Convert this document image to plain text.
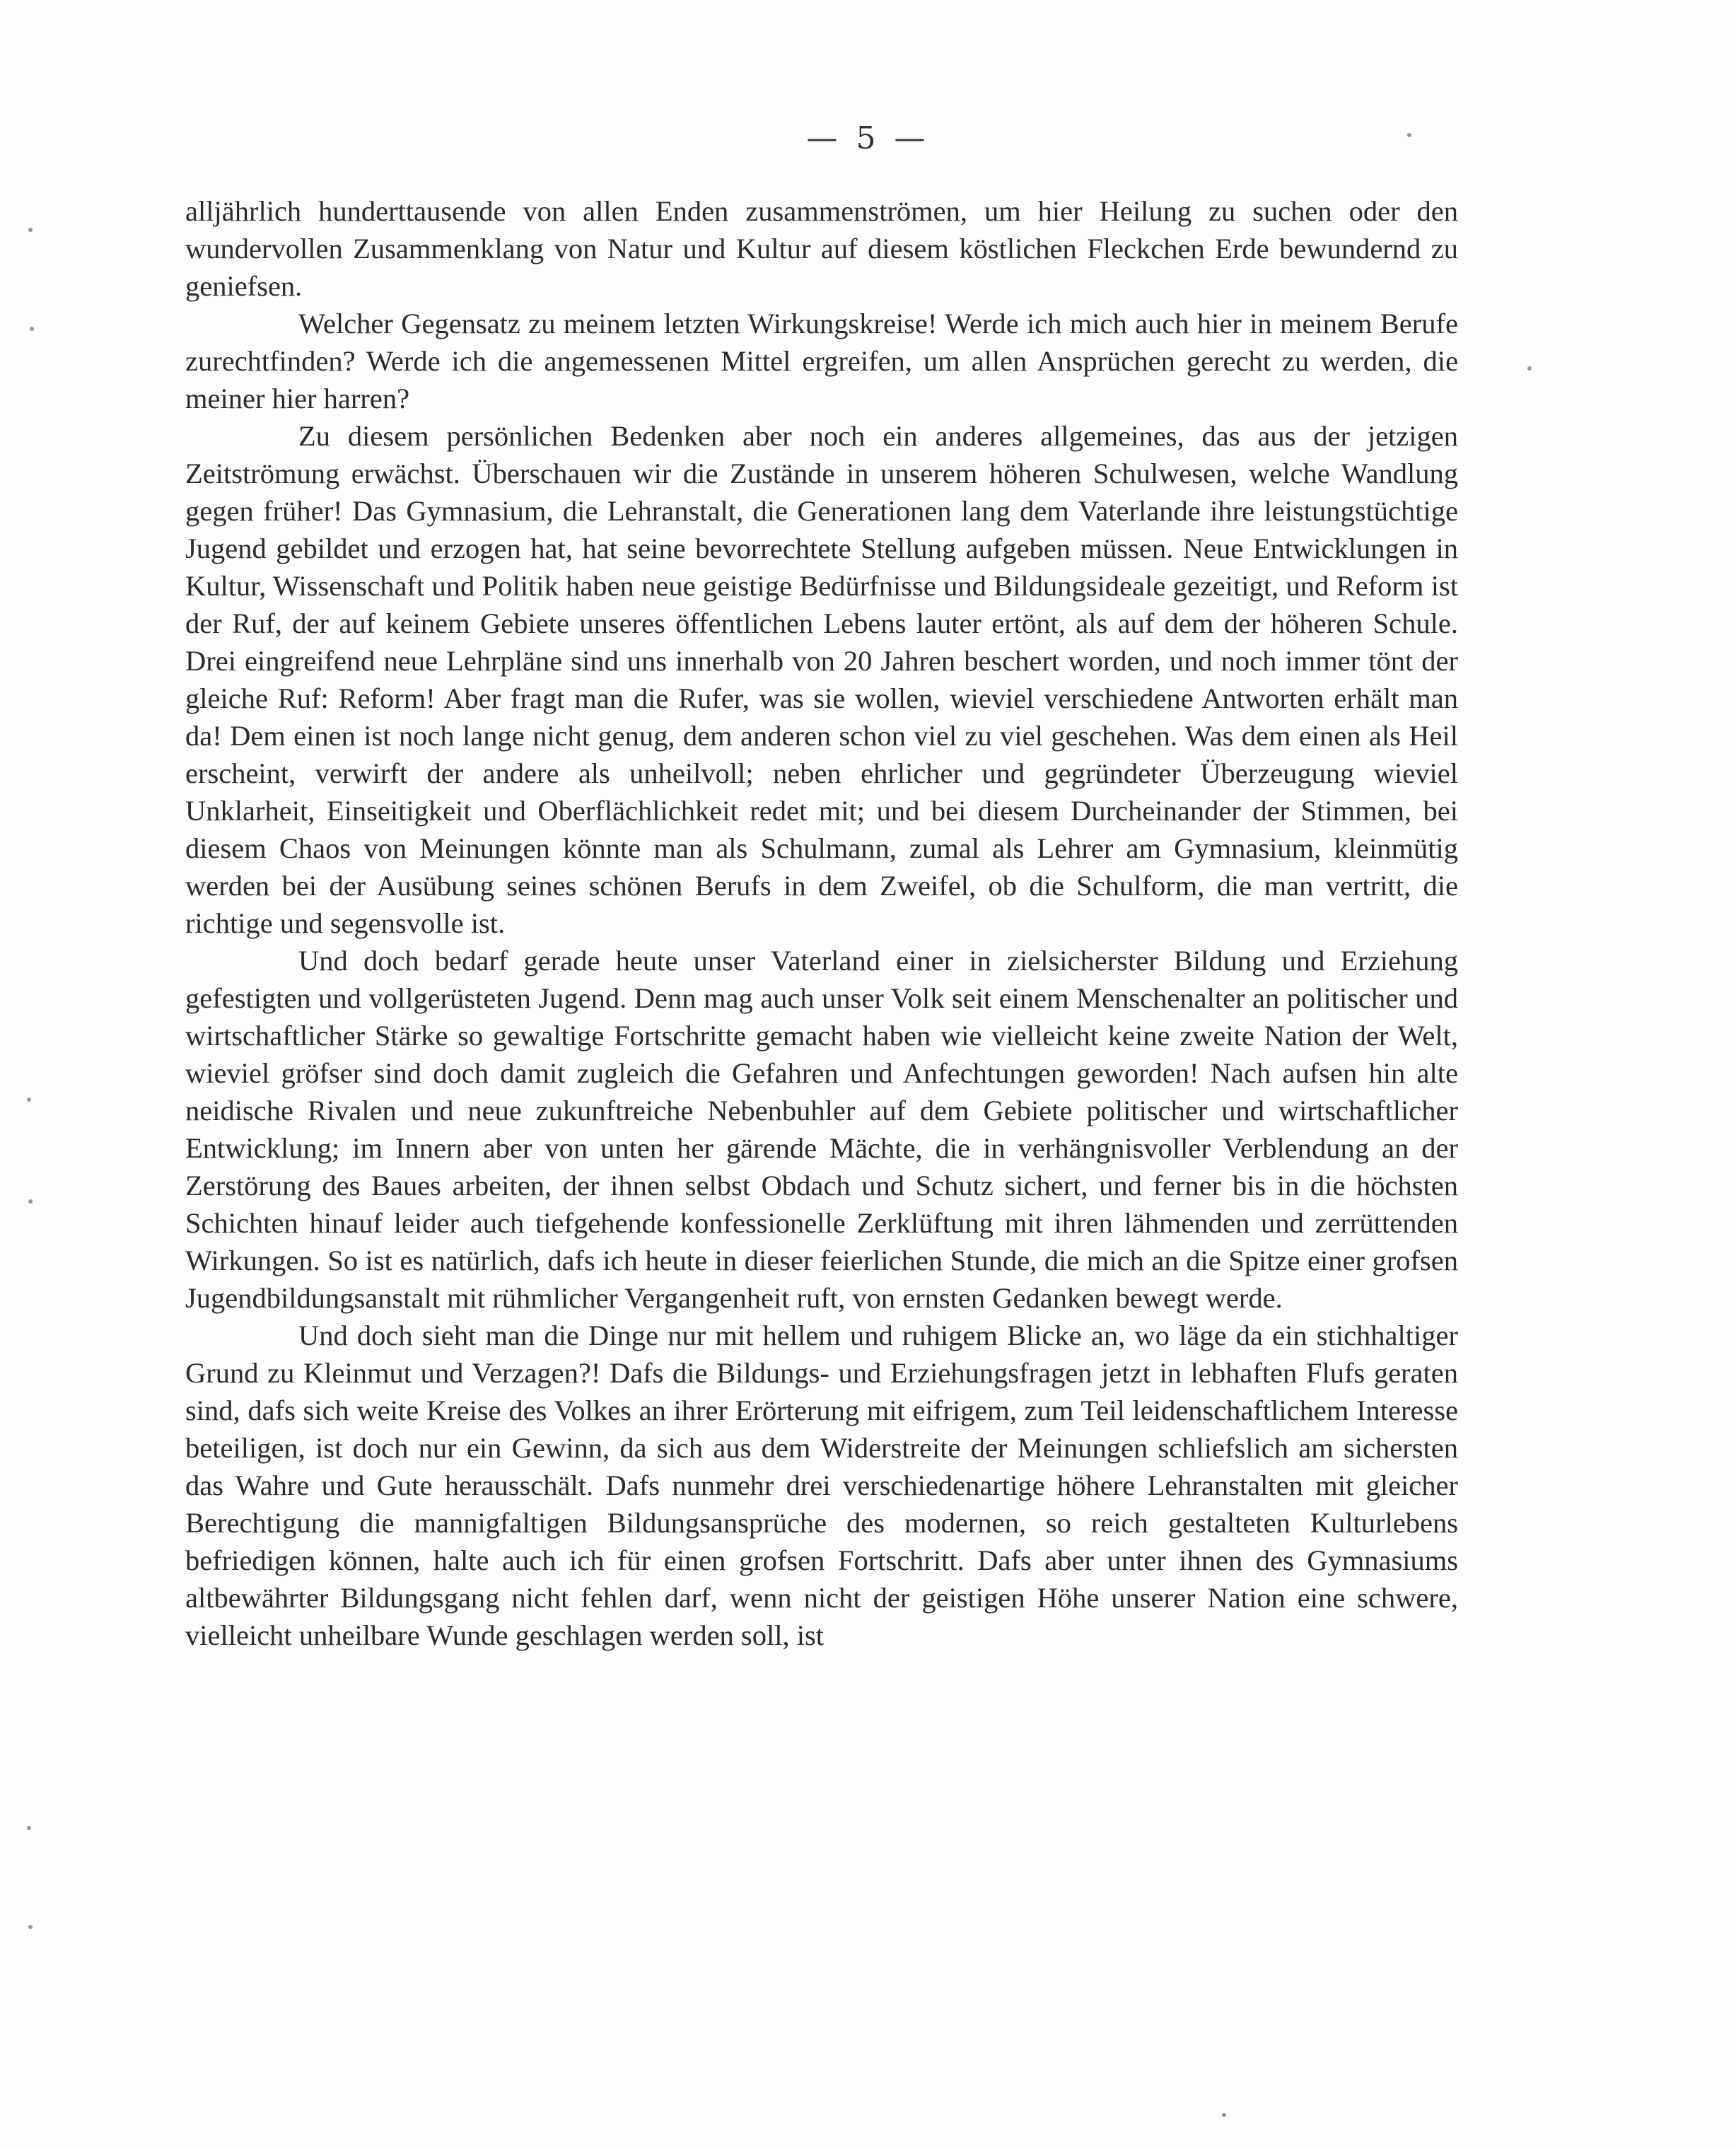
— 5 —

alljährlich hunderttausende von allen Enden zusammenströmen, um hier Heilung zu suchen oder den wundervollen Zusammenklang von Natur und Kultur auf diesem köstlichen Fleckchen Erde bewundernd zu geniefsen.

Welcher Gegensatz zu meinem letzten Wirkungskreise! Werde ich mich auch hier in meinem Berufe zurechtfinden? Werde ich die angemessenen Mittel ergreifen, um allen Ansprüchen gerecht zu werden, die meiner hier harren?

Zu diesem persönlichen Bedenken aber noch ein anderes allgemeines, das aus der jetzigen Zeitströmung erwächst. Überschauen wir die Zustände in unserem höheren Schulwesen, welche Wandlung gegen früher! Das Gymnasium, die Lehranstalt, die Generationen lang dem Vaterlande ihre leistungstüchtige Jugend gebildet und erzogen hat, hat seine bevorrechtete Stellung aufgeben müssen. Neue Entwicklungen in Kultur, Wissenschaft und Politik haben neue geistige Bedürfnisse und Bildungsideale gezeitigt, und Reform ist der Ruf, der auf keinem Gebiete unseres öffentlichen Lebens lauter ertönt, als auf dem der höheren Schule. Drei eingreifend neue Lehrpläne sind uns innerhalb von 20 Jahren beschert worden, und noch immer tönt der gleiche Ruf: Reform! Aber fragt man die Rufer, was sie wollen, wieviel verschiedene Antworten erhält man da! Dem einen ist noch lange nicht genug, dem anderen schon viel zu viel geschehen. Was dem einen als Heil erscheint, verwirft der andere als unheilvoll; neben ehrlicher und gegründeter Überzeugung wieviel Unklarheit, Einseitigkeit und Oberflächlichkeit redet mit; und bei diesem Durcheinander der Stimmen, bei diesem Chaos von Meinungen könnte man als Schulmann, zumal als Lehrer am Gymnasium, kleinmütig werden bei der Ausübung seines schönen Berufs in dem Zweifel, ob die Schulform, die man vertritt, die richtige und segensvolle ist.

Und doch bedarf gerade heute unser Vaterland einer in zielsicherster Bildung und Erziehung gefestigten und vollgerüsteten Jugend. Denn mag auch unser Volk seit einem Menschenalter an politischer und wirtschaftlicher Stärke so gewaltige Fortschritte gemacht haben wie vielleicht keine zweite Nation der Welt, wieviel gröfser sind doch damit zugleich die Gefahren und Anfechtungen geworden! Nach aufsen hin alte neidische Rivalen und neue zukunftreiche Nebenbuhler auf dem Gebiete politischer und wirtschaftlicher Entwicklung; im Innern aber von unten her gärende Mächte, die in verhängnisvoller Verblendung an der Zerstörung des Baues arbeiten, der ihnen selbst Obdach und Schutz sichert, und ferner bis in die höchsten Schichten hinauf leider auch tiefgehende konfessionelle Zerklüftung mit ihren lähmenden und zerrüttenden Wirkungen. So ist es natürlich, dafs ich heute in dieser feierlichen Stunde, die mich an die Spitze einer grofsen Jugendbildungsanstalt mit rühmlicher Vergangenheit ruft, von ernsten Gedanken bewegt werde.

Und doch sieht man die Dinge nur mit hellem und ruhigem Blicke an, wo läge da ein stichhaltiger Grund zu Kleinmut und Verzagen?! Dafs die Bildungs- und Erziehungsfragen jetzt in lebhaften Flufs geraten sind, dafs sich weite Kreise des Volkes an ihrer Erörterung mit eifrigem, zum Teil leidenschaftlichem Interesse beteiligen, ist doch nur ein Gewinn, da sich aus dem Widerstreite der Meinungen schliefslich am sichersten das Wahre und Gute herausschält. Dafs nunmehr drei verschiedenartige höhere Lehranstalten mit gleicher Berechtigung die mannigfaltigen Bildungsansprüche des modernen, so reich gestalteten Kulturlebens befriedigen können, halte auch ich für einen grofsen Fortschritt. Dafs aber unter ihnen des Gymnasiums altbewährter Bildungsgang nicht fehlen darf, wenn nicht der geistigen Höhe unserer Nation eine schwere, vielleicht unheilbare Wunde geschlagen werden soll, ist
